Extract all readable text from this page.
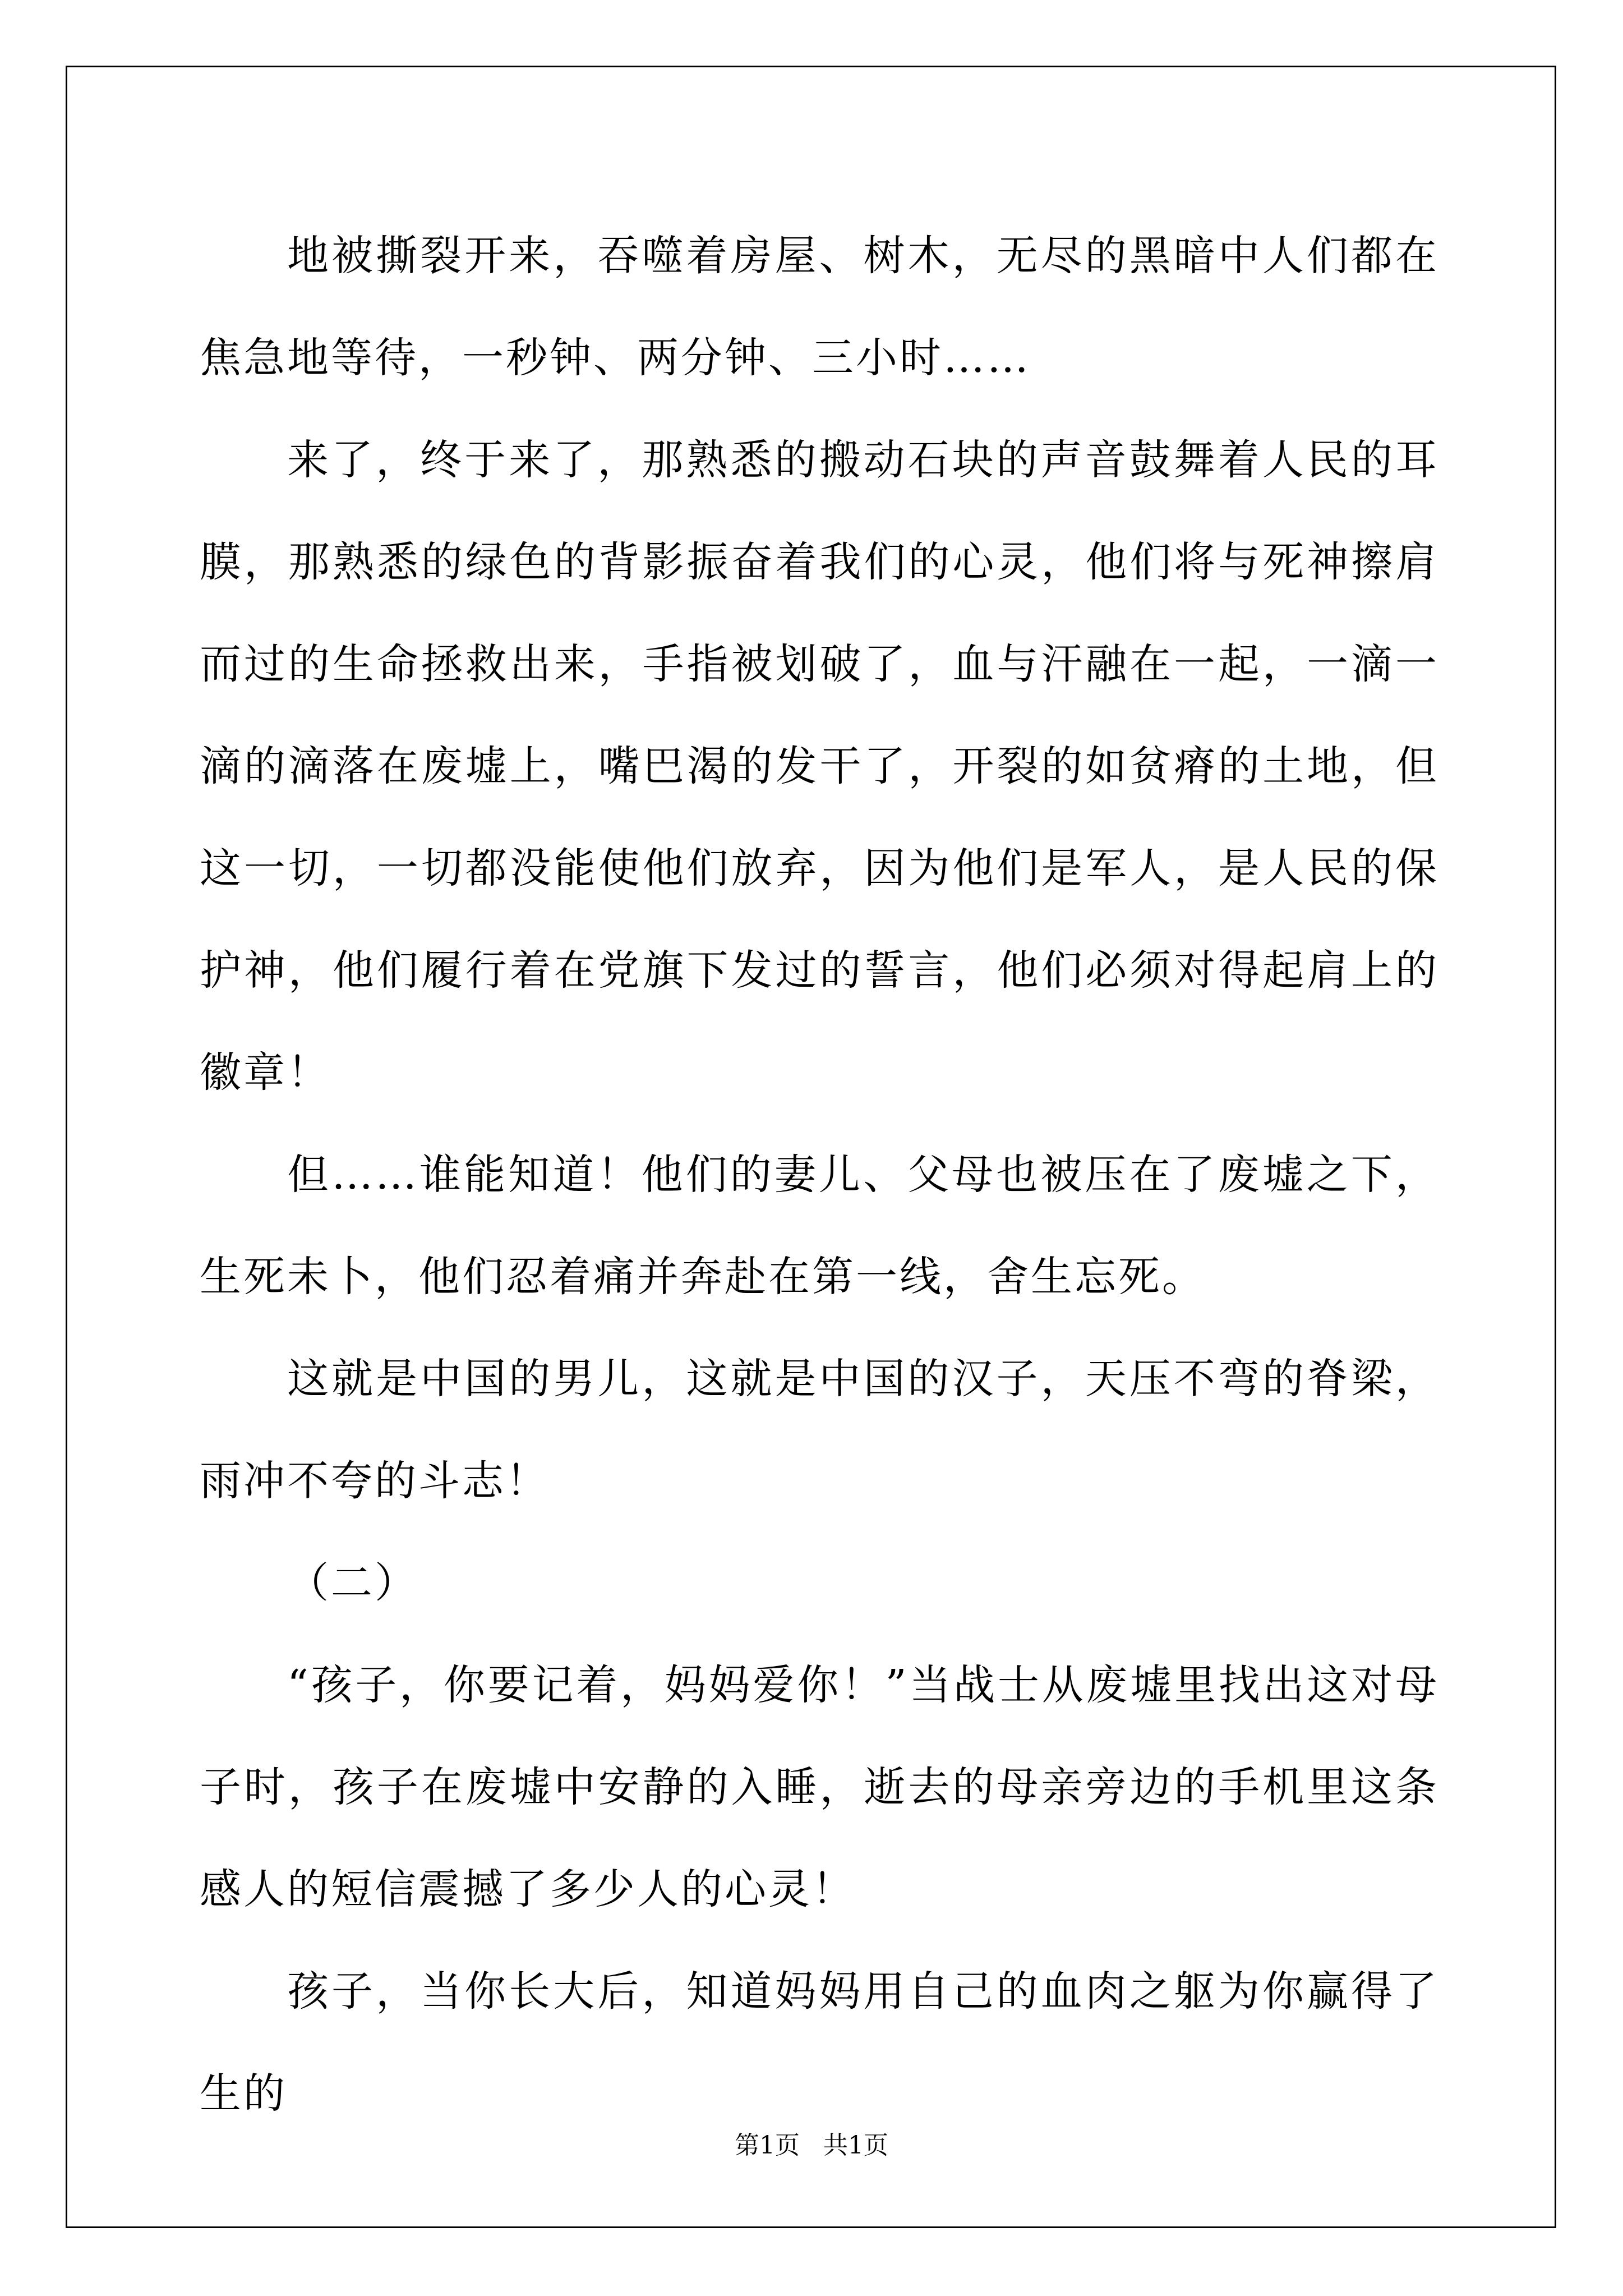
地被撕裂开来，吞噬着房屋、树木，无尽的黑暗中人们都在焦急地等待，一秒钟、两分钟、三小时……

来了，终于来了，那熟悉的搬动石块的声音鼓舞着人民的耳膜，那熟悉的绿色的背影振奋着我们的心灵，他们将与死神擦肩而过的生命拯救出来，手指被划破了，血与汗融在一起，一滴一滴的滴落在废墟上，嘴巴渴的发干了，开裂的如贫瘠的土地，但这一切，一切都没能使他们放弃，因为他们是军人，是人民的保护神，他们履行着在党旗下发过的誓言，他们必须对得起肩上的徽章！

但……谁能知道！他们的妻儿、父母也被压在了废墟之下，生死未卜，他们忍着痛并奔赴在第一线，舍生忘死。

这就是中国的男儿，这就是中国的汉子，天压不弯的脊梁，雨冲不夸的斗志！

（二）

“孩子，你要记着，妈妈爱你！”当战士从废墟里找出这对母子时，孩子在废墟中安静的入睡，逝去的母亲旁边的手机里这条感人的短信震撼了多少人的心灵！

孩子，当你长大后，知道妈妈用自己的血肉之躯为你赢得了生的

第1页 共1页
